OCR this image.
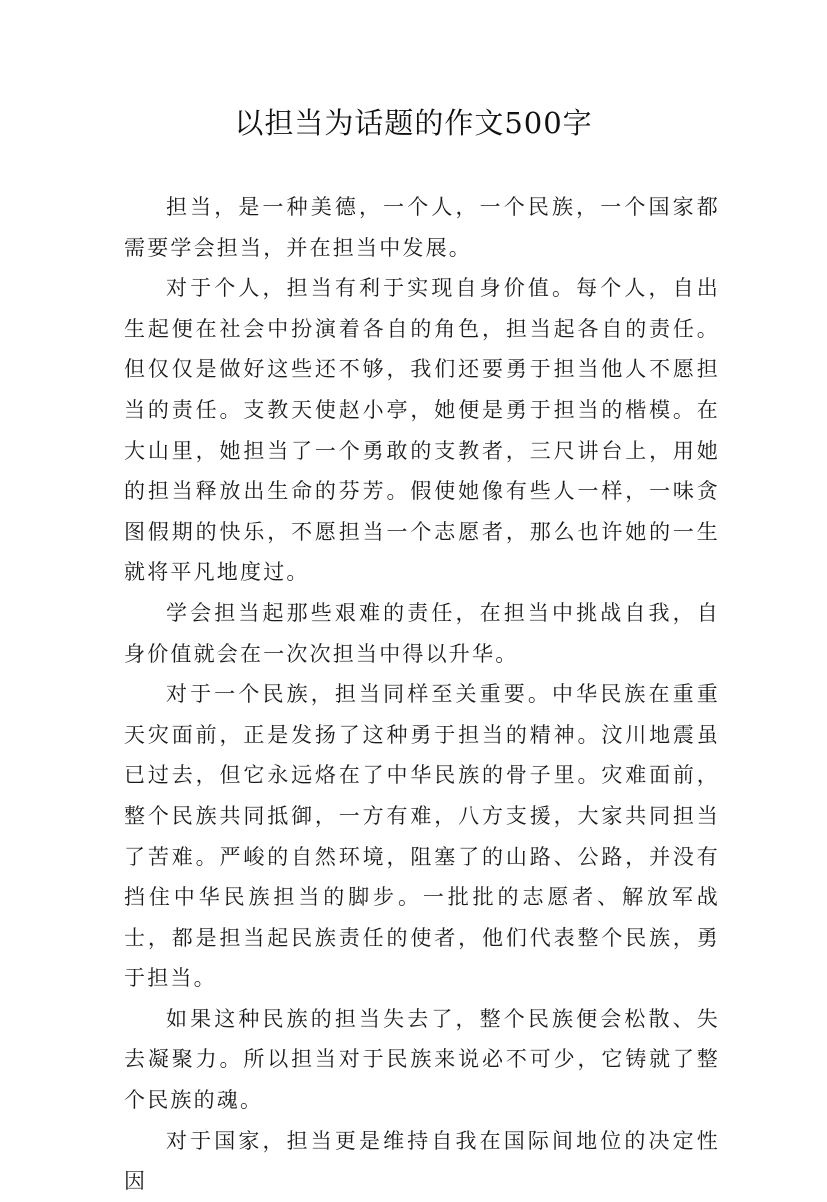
以担当为话题的作文500字

担当，是一种美德，一个人，一个民族，一个国家都需要学会担当，并在担当中发展。

对于个人，担当有利于实现自身价值。每个人，自出生起便在社会中扮演着各自的角色，担当起各自的责任。但仅仅是做好这些还不够，我们还要勇于担当他人不愿担当的责任。支教天使赵小亭，她便是勇于担当的楷模。在大山里，她担当了一个勇敢的支教者，三尺讲台上，用她的担当释放出生命的芬芳。假使她像有些人一样，一味贪图假期的快乐，不愿担当一个志愿者，那么也许她的一生就将平凡地度过。

学会担当起那些艰难的责任，在担当中挑战自我，自身价值就会在一次次担当中得以升华。

对于一个民族，担当同样至关重要。中华民族在重重天灾面前，正是发扬了这种勇于担当的精神。汶川地震虽已过去，但它永远烙在了中华民族的骨子里。灾难面前，整个民族共同抵御，一方有难，八方支援，大家共同担当了苦难。严峻的自然环境，阻塞了的山路、公路，并没有挡住中华民族担当的脚步。一批批的志愿者、解放军战士，都是担当起民族责任的使者，他们代表整个民族，勇于担当。

如果这种民族的担当失去了，整个民族便会松散、失去凝聚力。所以担当对于民族来说必不可少，它铸就了整个民族的魂。

对于国家，担当更是维持自我在国际间地位的决定性因
